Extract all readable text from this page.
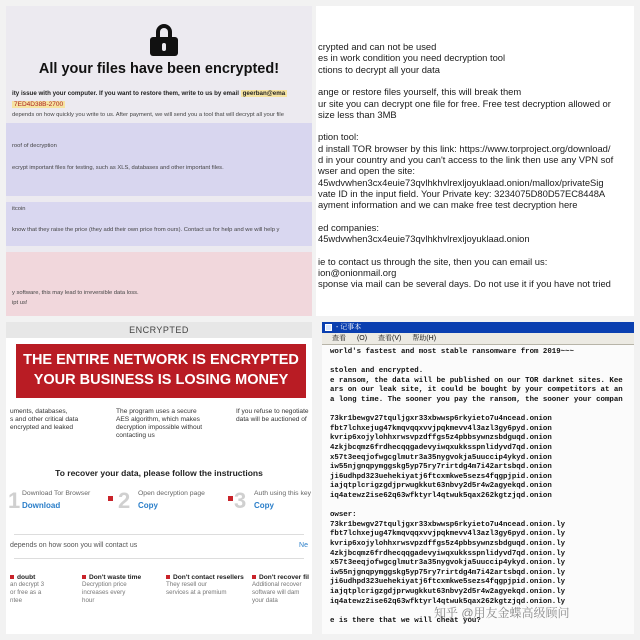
All your files have been encrypted!
ity issue with your computer. If you want to restore them, write to us by email geerban@ema
7ED4D38B-2700
depends on how quickly you write to us. After payment, we will send you a tool that will decrypt all your file
roof of decryption
ecrypt important files for testing, such as XLS, databases and other important files.
itcoin
know that they raise the price (they add their own price from ours). Contact us for help and we will help y
y software, this may lead to irreversible data loss.
ipt us!
crypted and can not be used
es in work condition you need decryption tool
ctions to decrypt all your data
ange or restore files yourself, this will break them
ur site you can decrypt one file for free. Free test decryption allowed or
size less than 3MB
ption tool:
d install TOR browser by this link: https://www.torproject.org/download/
d in your country and you can't access to the link then use any VPN sof
wser and open the site:
45wdvwhen3cx4euie73qvlhkhvlrexljoyuklaad.onion/mallox/privateSig
vate ID in the input field. Your Private key: 3234075D80D57EC8448A
ayment information and we can make free test decryption here
ed companies:
45wdvwhen3cx4euie73qvlhkhvlrexljoyuklaad.onion
ie to contact us through the site, then you can email us:
ion@onionmail.org
sponse via mail can be several days. Do not use it if you have not tried
ENCRYPTED
THE ENTIRE NETWORK IS ENCRYPTED
YOUR BUSINESS IS LOSING MONEY
uments, databases,
s and other critical data
encrypted and leaked
The program uses a secure
AES algorithm, which makes
decryption impossible without
contacting us
If you refuse to negotiate
data will be auctioned of
To recover your data, please follow the instructions
1 Download Tor Browser
Download	2 Open decryption page
Copy	3 Auth using this key
Copy
depends on how soon you will contact us	Ne
doubt
an decrypt 3
or free as a
ntee
Don't waste time
Decryption price
increases every
hour
Don't contact resellers
They resell our
services at a premium
Don't recover fil
Additional recover
software will dam
your data
- 记事本
查看 (O) 查看(V) 帮助(H)
world's fastest and most stable ransomware from 2019~~~
stolen and encrypted.
e ransom, the data will be published on our TOR darknet sites. Kee
ars on our leak site, it could be bought by your competitors at an
a long time. The sooner you pay the ransom, the sooner your compan
73kr1bewgv27tquljgxr33xbwwsp6rkyieto7u4ncead.onion
fbt7lchxejug47kmqvqqxvvjpqkmevv4l3azl3gy6pyd.onion
kvrip6xojylohhxrwsvpzdffgs5z4pbbsywnzsbdguqd.onion
4zkjbcqmz6frdhecqqgadevyiwqxukksspnlidyvd7qd.onion
x57t3eeqjofwgcglmutr3a35nygvokja5uuccip4ykyd.onion
iw55njgnqpymggskg5yp75ry7rirtdg4m7i42artsbqd.onion
ji6udhpd323uehekiyatj6ftcxmkwe5sezs4fqgpjpid.onion
iajqtplcrigzgdjprwugkkut63nbvy2d5r4w2agyekqd.onion
iq4atewz2ise62q63wfktyrl4qtwuk5qax262kgtzjqd.onion
owser:
73kr1bewgv27tquljgxr33xbwwsp6rkyieto7u4ncead.onion.ly
fbt7lchxejug47kmqvqqxvvjpqkmevv4l3azl3gy6pyd.onion.ly
kvrip6xojylohhxrwsvpzdffgs5z4pbbsywnzsbdguqd.onion.ly
4zkjbcqmz6frdhecqqgadevyiwqxukksspnlidyvd7qd.onion.ly
x57t3eeqjofwgcglmutr3a35nygvokja5uuccip4ykyd.onion.ly
iw55njgnqpymggskg5yp75ry7rirtdg4m7i42artsbqd.onion.ly
ji6udhpd323uehekiyatj6ftcxmkwe5sezs4fqgpjpid.onion.ly
iajqtplcrigzgdjprwugkkut63nbvy2d5r4w2agyekqd.onion.ly
iq4atewz2ise62q63wfktyrl4qtwuk5qax262kgtzjqd.onion.ly
e is there that we will cheat you?
知乎 @用友金蝶高级顾问
